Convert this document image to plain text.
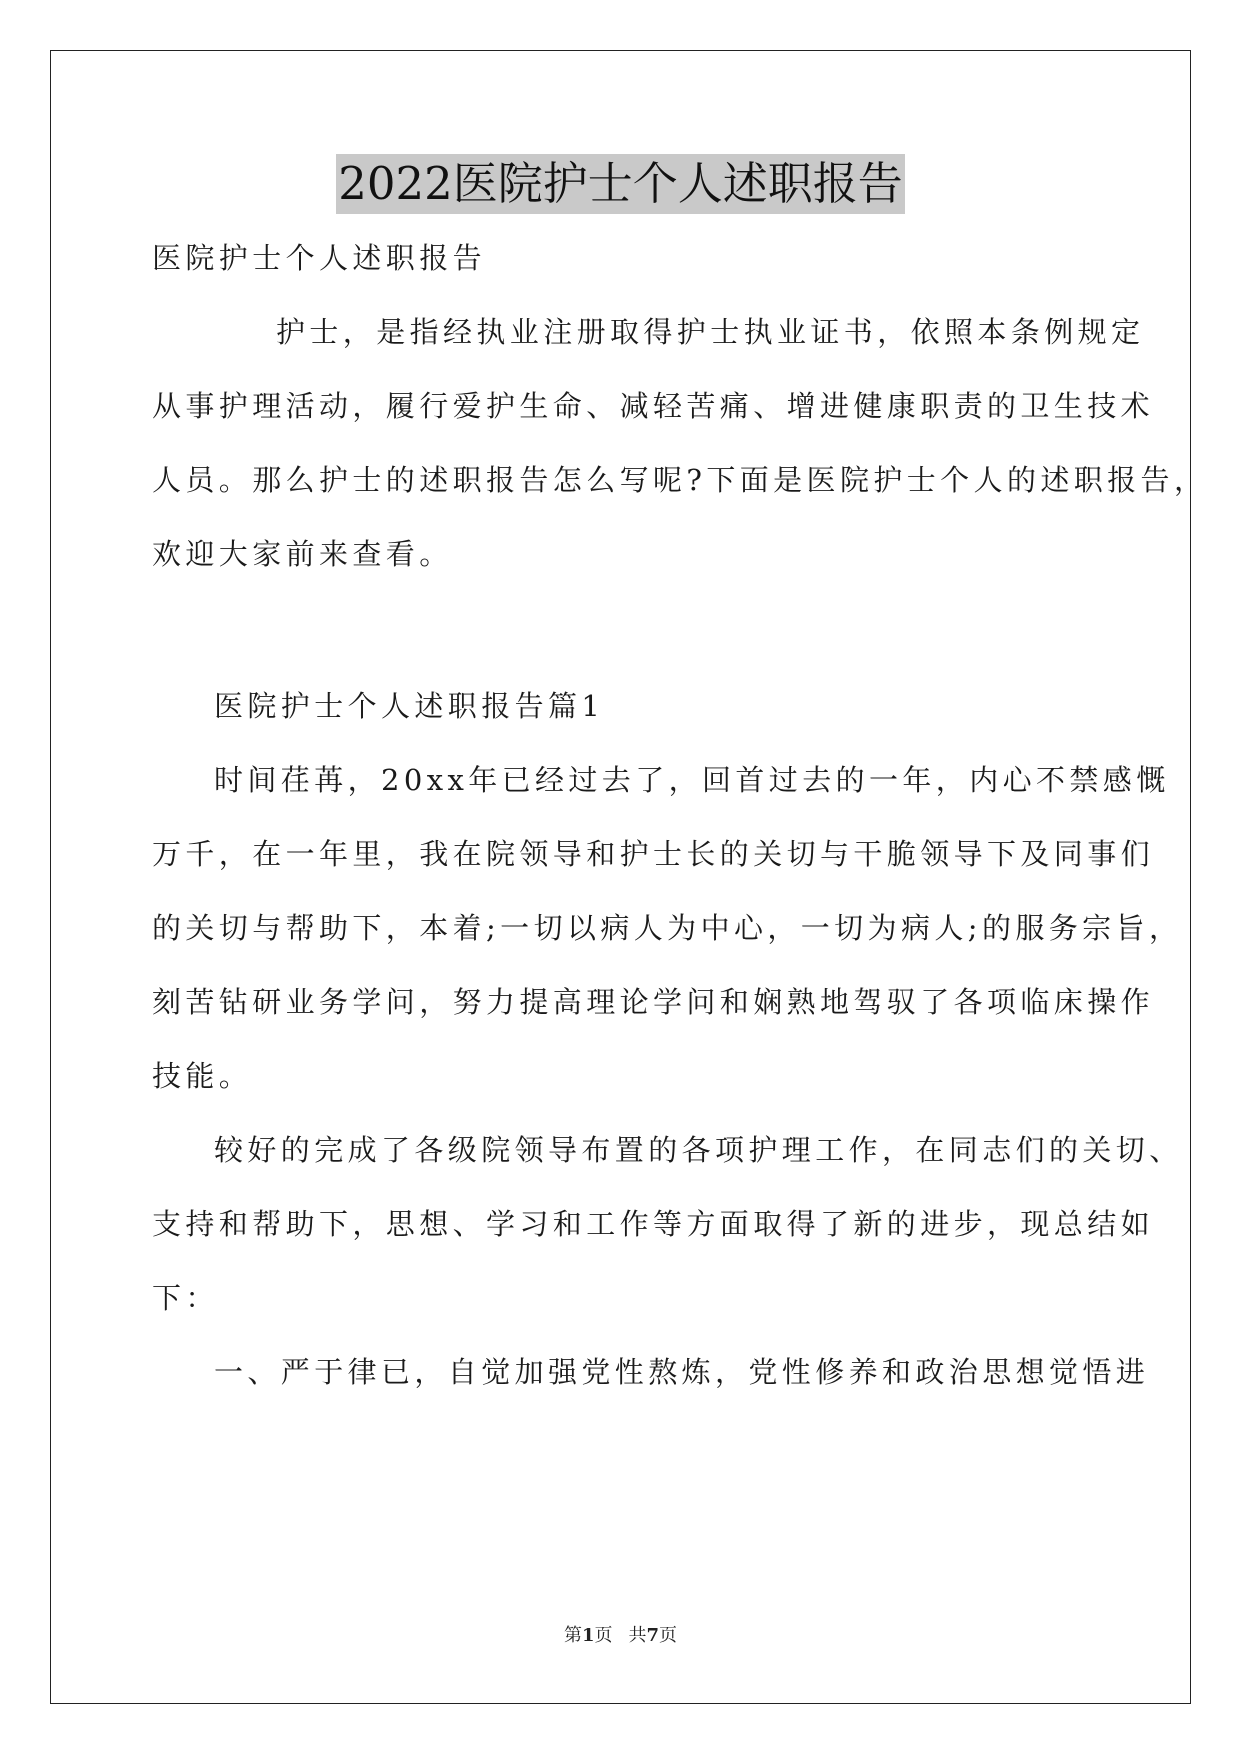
2022医院护士个人述职报告
医院护士个人述职报告
护士，是指经执业注册取得护士执业证书，依照本条例规定
从事护理活动，履行爱护生命、减轻苦痛、增进健康职责的卫生技术
人员。那么护士的述职报告怎么写呢?下面是医院护士个人的述职报告，
欢迎大家前来查看。
医院护士个人述职报告篇1
时间荏苒，20xx年已经过去了，回首过去的一年，内心不禁感慨
万千，在一年里，我在院领导和护士长的关切与干脆领导下及同事们
的关切与帮助下，本着;一切以病人为中心，一切为病人;的服务宗旨，
刻苦钻研业务学问，努力提高理论学问和娴熟地驾驭了各项临床操作
技能。
较好的完成了各级院领导布置的各项护理工作，在同志们的关切、
支持和帮助下，思想、学习和工作等方面取得了新的进步，现总结如
下：
一、严于律已，自觉加强党性熬炼，党性修养和政治思想觉悟进
第1页 共7页
